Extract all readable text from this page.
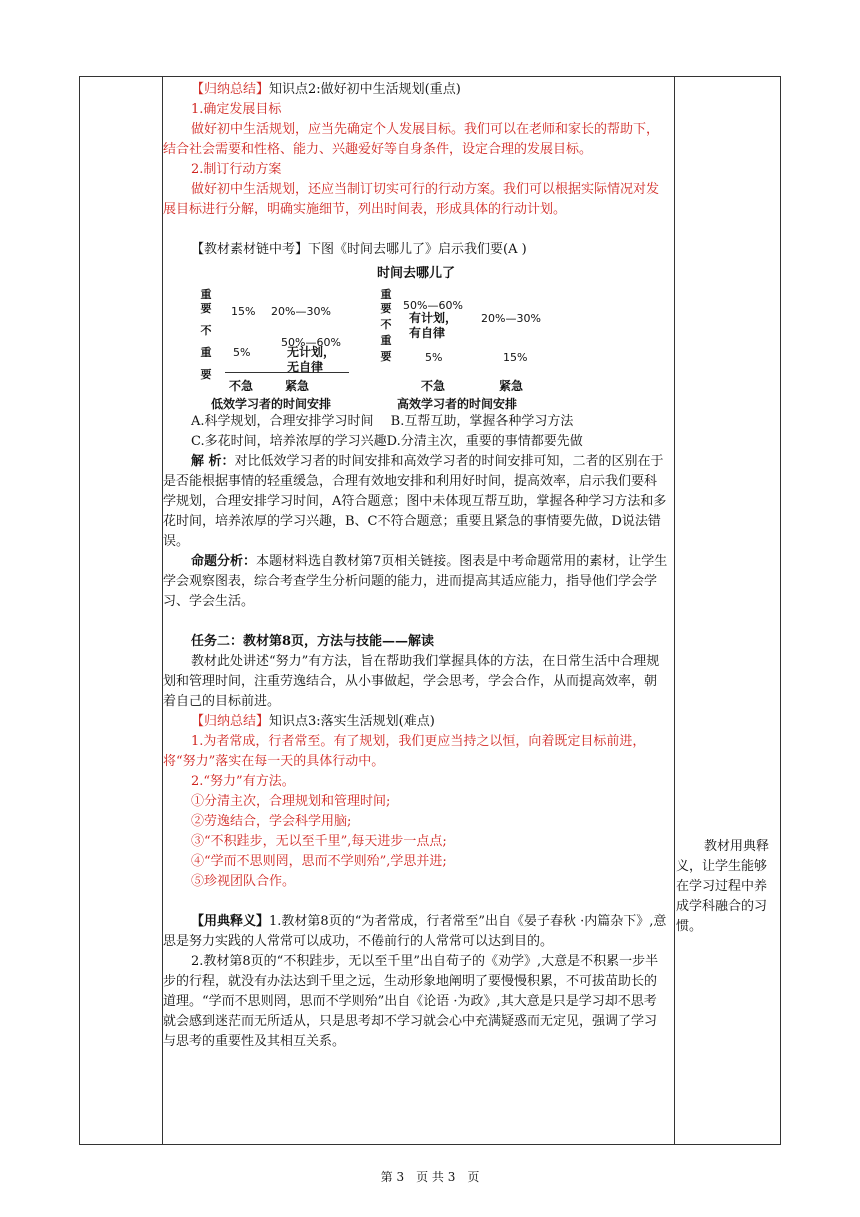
【归纳总结】知识点2:做好初中生活规划(重点)

1.确定发展目标

做好初中生活规划，应当先确定个人发展目标。我们可以在老师和家长的帮助下，结合社会需要和性格、能力、兴趣爱好等自身条件，设定合理的发展目标。

2.制订行动方案

做好初中生活规划，还应当制订切实可行的行动方案。我们可以根据实际情况对发展目标进行分解，明确实施细节，列出时间表，形成具体的行动计划。

【教材素材链中考】下图《时间去哪儿了》启示我们要(A )

时间去哪儿了
重
要
不
重
要
15% 20%—30%
5%
50%—60%
无计划，
无自律
不急	紧急
低效学习者的时间安排
重
要
不
重
要
50%—60%
有计划，
有自律
20%—30%
5%	15%
不急	紧急
高效学习者的时间安排

A.科学规划，合理安排学习时间　 B.互帮互助，掌握各种学习方法

C.多花时间，培养浓厚的学习兴趣D.分清主次，重要的事情都要先做

解 析：对比低效学习者的时间安排和高效学习者的时间安排可知，二者的区别在于是否能根据事情的轻重缓急，合理有效地安排和利用好时间，提高效率，启示我们要科学规划，合理安排学习时间，A符合题意；图中未体现互帮互助，掌握各种学习方法和多花时间，培养浓厚的学习兴趣，B、C不符合题意；重要且紧急的事情要先做，D说法错误。

命题分析：本题材料选自教材第7页相关链接。图表是中考命题常用的素材，让学生学会观察图表，综合考查学生分析问题的能力，进而提高其适应能力，指导他们学会学习、学会生活。

任务二：教材第8页，方法与技能——解读

教材此处讲述“努力”有方法，旨在帮助我们掌握具体的方法，在日常生活中合理规划和管理时间，注重劳逸结合，从小事做起，学会思考，学会合作，从而提高效率，朝着自己的目标前进。

【归纳总结】知识点3:落实生活规划(难点)

1.为者常成，行者常至。有了规划，我们更应当持之以恒，向着既定目标前进，将“努力”落实在每一天的具体行动中。

2.“努力”有方法。

①分清主次，合理规划和管理时间;

②劳逸结合，学会科学用脑;

③“不积跬步，无以至千里”,每天进步一点点;

④“学而不思则罔，思而不学则殆”,学思并进;

⑤珍视团队合作。

【用典释义】1.教材第8页的“为者常成，行者常至”出自《晏子春秋 ·内篇杂下》,意思是努力实践的人常常可以成功，不倦前行的人常常可以达到目的。

2.教材第8页的“不积跬步，无以至千里”出自荀子的《劝学》,大意是不积累一步半步的行程，就没有办法达到千里之远，生动形象地阐明了要慢慢积累，不可拔苗助长的道理。“学而不思则罔，思而不学则殆”出自《论语 ·为政》,其大意是只是学习却不思考就会感到迷茫而无所适从，只是思考却不学习就会心中充满疑惑而无定见，强调了学习与思考的重要性及其相互关系。

教材用典释义，让学生能够在学习过程中养成学科融合的习惯。

第 3　页 共 3　页
